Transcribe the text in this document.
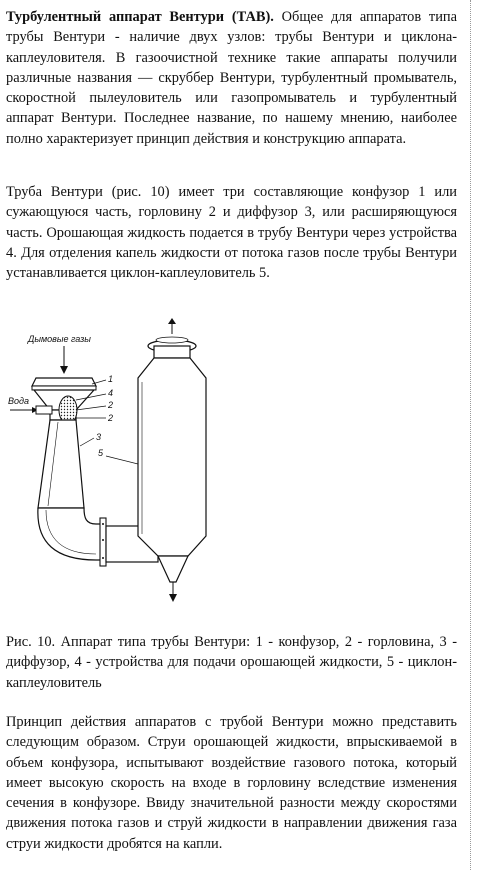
Турбулентный аппарат Вентури (ТАВ). Общее для аппаратов типа трубы Вентури - наличие двух узлов: трубы Вентури и циклона-каплеуловителя. В газоочистной технике такие аппараты получили различные названия — скруббер Вентури, турбулентный промыватель, скоростной пылеуловитель или газопромыватель и турбулентный аппарат Вентури. Последнее название, по нашему мнению, наиболее полно характеризует принцип действия и конструкцию аппарата.

Труба Вентури (рис. 10) имеет три составляющие конфузор 1 или сужающуюся часть, горловину 2 и диффузор 3, или расширяющуюся часть. Орошающая жидкость подается в трубу Вентури через устройства 4. Для отделения капель жидкости от потока газов после трубы Вентури устанавливается циклон-каплеуловитель 5.

Дымовые газы
Вода
1
4
2
2
3
5

Рис. 10. Аппарат типа трубы Вентури: 1 - конфузор, 2 - горловина, 3 - диффузор, 4 - устройства для подачи орошающей жидкости, 5 - циклон-каплеуловитель

Принцип действия аппаратов с трубой Вентури можно представить следующим образом. Струи орошающей жидкости, впрыскиваемой в объем конфузора, испытывают воздействие газового потока, который имеет высокую скорость на входе в горловину вследствие изменения сечения в конфузоре. Ввиду значительной разности между скоростями движения потока газов и струй жидкости в направлении движения газа струи жидкости дробятся на капли.
